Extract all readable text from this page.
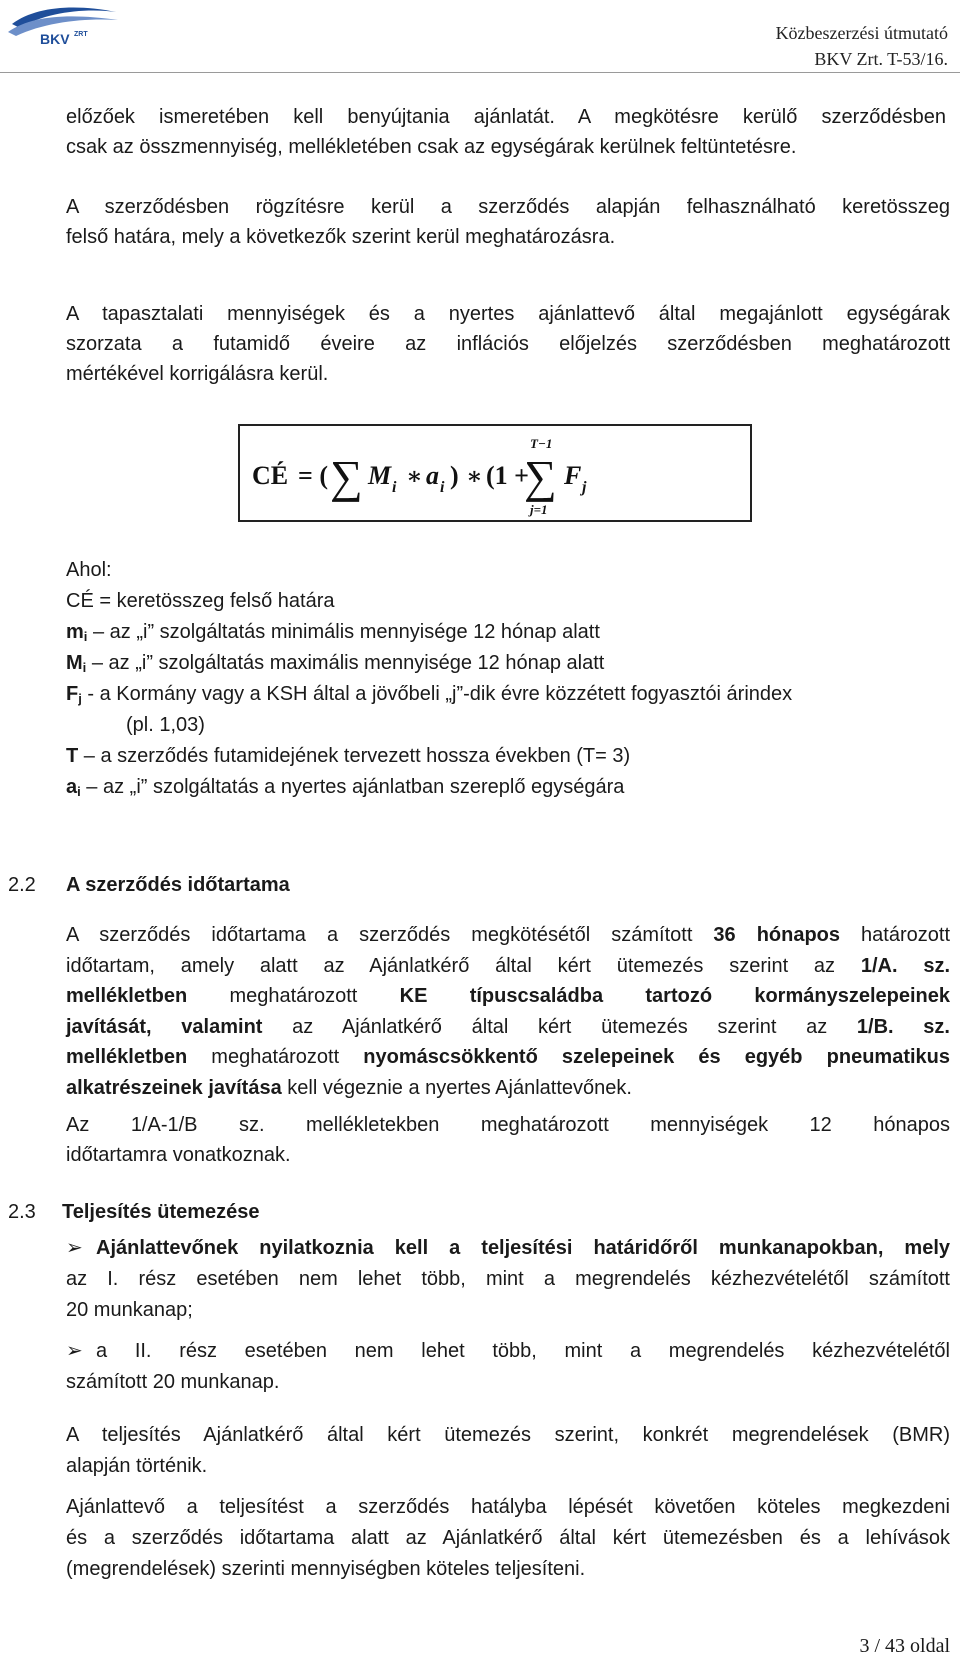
BKV ZRT	Közbeszerzési útmutató
BKV Zrt. T-53/16.
előzőek ismeretében kell benyújtania ajánlatát. A megkötésre kerülő szerződésben
csak az összmennyiség, mellékletében csak az egységárak kerülnek feltüntetésre.
A szerződésben rögzítésre kerül a szerződés alapján felhasználható keretösszeg
felső határa, mely a következők szerint kerül meghatározásra.
A tapasztalati mennyiségek és a nyertes ajánlattevő által megajánlott egységárak
szorzata a futamidő éveire az inflációs előjelzés szerződésben meghatározott
mértékével korrigálásra kerül.
CÉ = ( ∑ M i ∗ a i ) ∗ (1 +
T−1
∑
j=1
F j
Ahol:
CÉ = keretösszeg felső határa
$m_i$ – az „i” szolgáltatás minimális mennyisége 12 hónap alatt
$M_i$ – az „i” szolgáltatás maximális mennyisége 12 hónap alatt
$F_j$ - a Kormány vagy a KSH által a jövőbeli „j”-dik évre közzétett fogyasztói árindex
(pl. 1,03)
T – a szerződés futamidejének tervezett hossza években (T= 3)
$a_i$ – az „i” szolgáltatás a nyertes ajánlatban szereplő egységára
2.2 A szerződés időtartama
A szerződés időtartama a szerződés megkötésétől számított 36 hónapos határozott
időtartam, amely alatt az Ajánlatkérő által kért ütemezés szerint az 1/A. sz.
mellékletben meghatározott KE típuscsaládba tartozó kormányszelepeinek
javítását, valamint az Ajánlatkérő által kért ütemezés szerint az 1/B. sz.
mellékletben meghatározott nyomáscsökkentő szelepeinek és egyéb pneumatikus
alkatrészeinek javítása kell végeznie a nyertes Ajánlattevőnek.
Az 1/A-1/B sz. mellékletekben meghatározott mennyiségek 12 hónapos
időtartamra vonatkoznak.
2.3 Teljesítés ütemezése
➢ Ajánlattevőnek nyilatkoznia kell a teljesítési határidőről munkanapokban, mely
az I. rész esetében nem lehet több, mint a megrendelés kézhezvételétől számított
20 munkanap;
➢ a II. rész esetében nem lehet több, mint a megrendelés kézhezvételétől
számított 20 munkanap.
A teljesítés Ajánlatkérő által kért ütemezés szerint, konkrét megrendelések (BMR)
alapján történik.
Ajánlattevő a teljesítést a szerződés hatályba lépését követően köteles megkezdeni
és a szerződés időtartama alatt az Ajánlatkérő által kért ütemezésben és a lehívások
(megrendelések) szerinti mennyiségben köteles teljesíteni.
3 / 43 oldal
